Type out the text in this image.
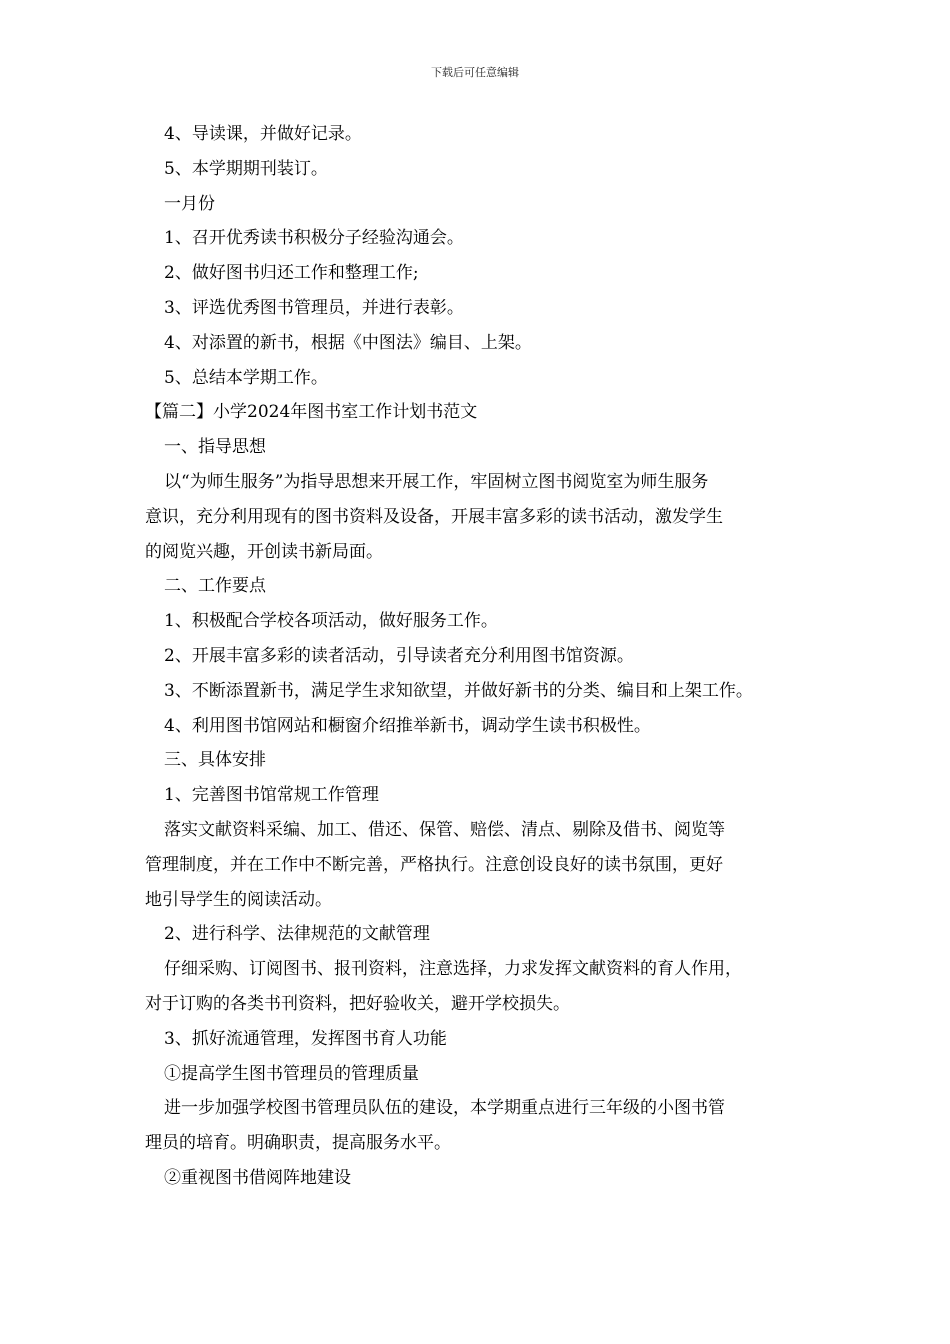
下载后可任意编辑
4、导读课，并做好记录。
5、本学期期刊装订。
一月份
1、召开优秀读书积极分子经验沟通会。
2、做好图书归还工作和整理工作;
3、评选优秀图书管理员，并进行表彰。
4、对添置的新书，根据《中图法》编目、上架。
5、总结本学期工作。
【篇二】小学2024年图书室工作计划书范文
一、指导思想
以“为师生服务”为指导思想来开展工作，牢固树立图书阅览室为师生服务
意识，充分利用现有的图书资料及设备，开展丰富多彩的读书活动，激发学生
的阅览兴趣，开创读书新局面。
二、工作要点
1、积极配合学校各项活动，做好服务工作。
2、开展丰富多彩的读者活动，引导读者充分利用图书馆资源。
3、不断添置新书，满足学生求知欲望，并做好新书的分类、编目和上架工作。
4、利用图书馆网站和橱窗介绍推举新书，调动学生读书积极性。
三、具体安排
1、完善图书馆常规工作管理
落实文献资料采编、加工、借还、保管、赔偿、清点、剔除及借书、阅览等
管理制度，并在工作中不断完善，严格执行。注意创设良好的读书氛围，更好
地引导学生的阅读活动。
2、进行科学、法律规范的文献管理
仔细采购、订阅图书、报刊资料，注意选择，力求发挥文献资料的育人作用，
对于订购的各类书刊资料，把好验收关，避开学校损失。
3、抓好流通管理，发挥图书育人功能
①提高学生图书管理员的管理质量
进一步加强学校图书管理员队伍的建设，本学期重点进行三年级的小图书管
理员的培育。明确职责，提高服务水平。
②重视图书借阅阵地建设
